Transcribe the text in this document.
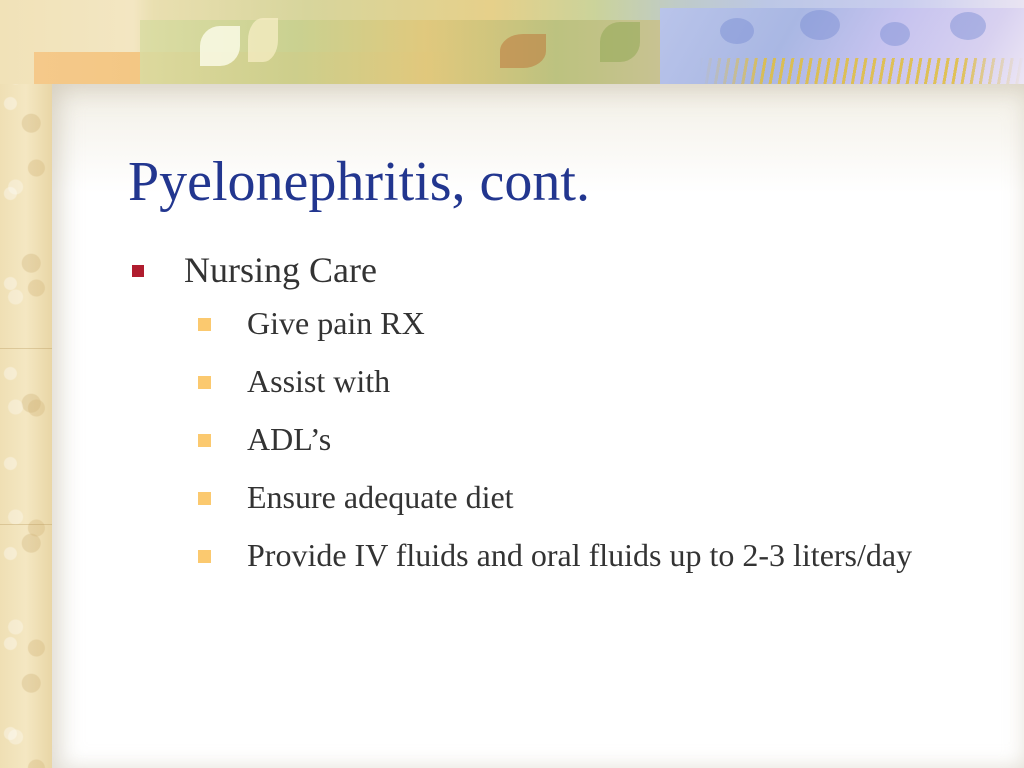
Pyelonephritis, cont.
Nursing Care
Give pain RX
Assist with
ADL’s
Ensure adequate diet
Provide IV fluids and oral fluids up to 2-3 liters/day
